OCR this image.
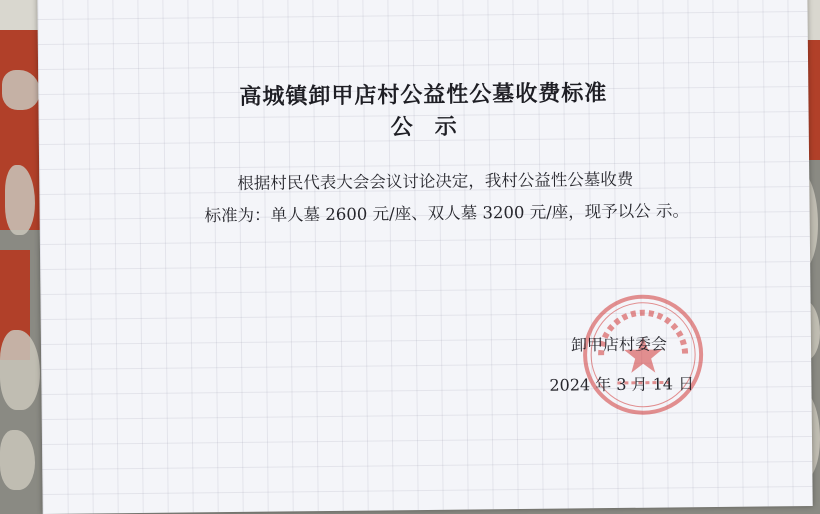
高城镇卸甲店村公益性公墓收费标准
公示
根据村民代表大会会议讨论决定，我村公益性公墓收费
标准为：单人墓 2600 元/座、双人墓 3200 元/座，现予以公 示。
卸甲店村委会
2024 年 3 月 14 日
